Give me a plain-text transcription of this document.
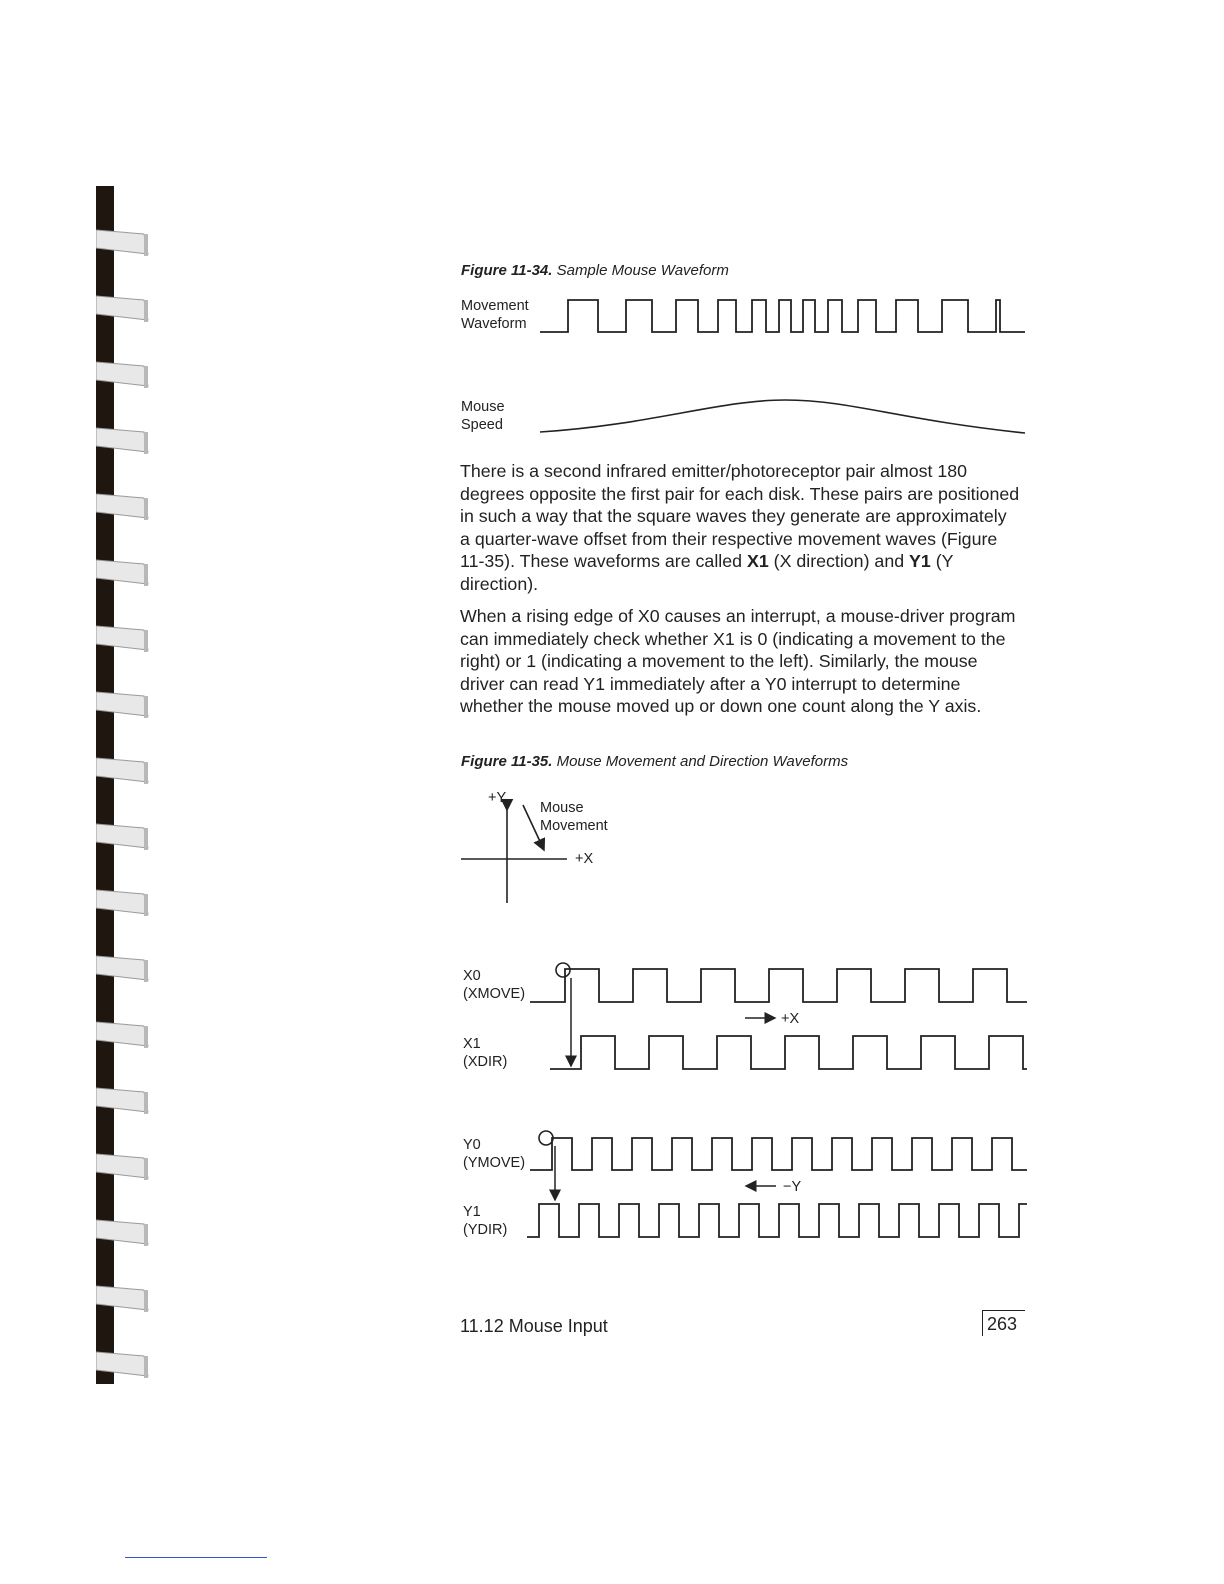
Figure 11-34. Sample Mouse Waveform
Movement
Waveform
Mouse
Speed

There is a second infrared emitter/photoreceptor pair almost 180 degrees opposite the first pair for each disk. These pairs are positioned in such a way that the square waves they generate are approximately a quarter-wave offset from their respective movement waves (Figure 11-35). These waveforms are called X1 (X direction) and Y1 (Y direction).

When a rising edge of X0 causes an interrupt, a mouse-driver program can immediately check whether X1 is 0 (indicating a movement to the right) or 1 (indicating a movement to the left). Similarly, the mouse driver can read Y1 immediately after a Y0 interrupt to determine whether the mouse moved up or down one count along the Y axis.

Figure 11-35. Mouse Movement and Direction Waveforms
+Y
+X
Mouse
Movement
X0
(XMOVE)
+X
X1
(XDIR)
Y0
(YMOVE)
−Y
Y1
(YDIR)
11.12 Mouse Input	263
